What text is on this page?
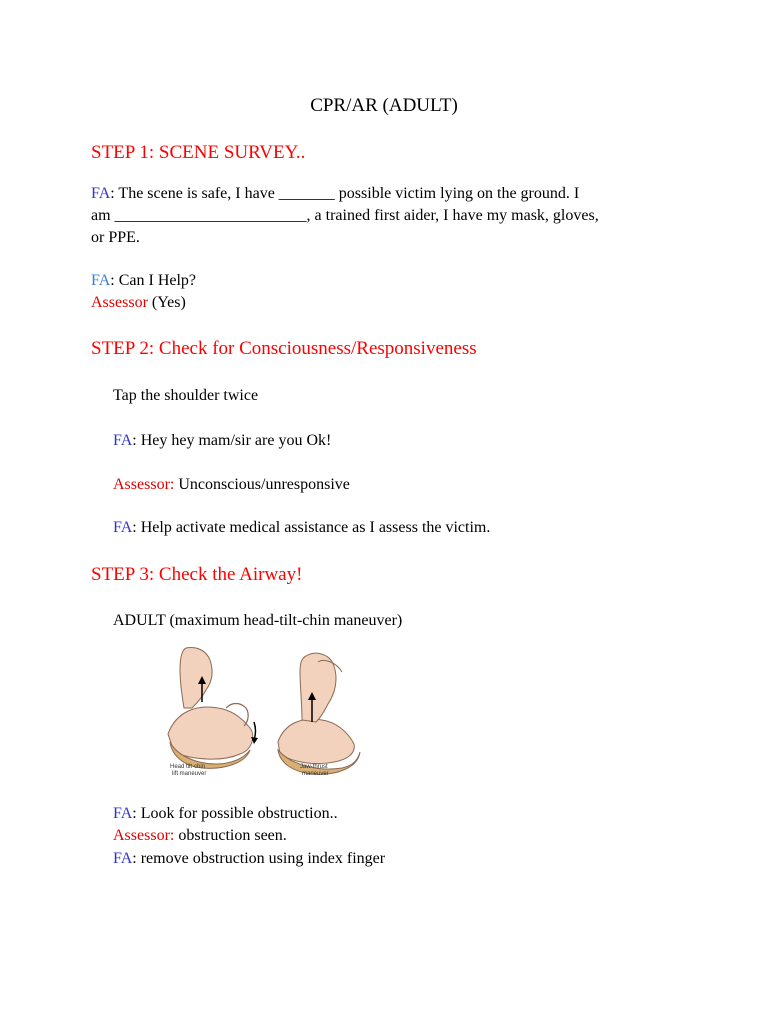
CPR/AR (ADULT)
STEP 1: SCENE SURVEY..
FA: The scene is safe, I have _______ possible victim lying on the ground. I
am ________________________, a trained first aider, I have my mask, gloves,
or PPE.
FA: Can I Help?
Assessor (Yes)
STEP 2: Check for Consciousness/Responsiveness
Tap the shoulder twice
FA: Hey hey mam/sir are you Ok!
Assessor: Unconscious/unresponsive
FA: Help activate medical assistance as I assess the victim.
STEP 3: Check the Airway!
ADULT (maximum head-tilt-chin maneuver)
Head tilt-chin
lift maneuver
Jaw-thrust
maneuver
FA: Look for possible obstruction..
Assessor: obstruction seen.
FA: remove obstruction using index finger
